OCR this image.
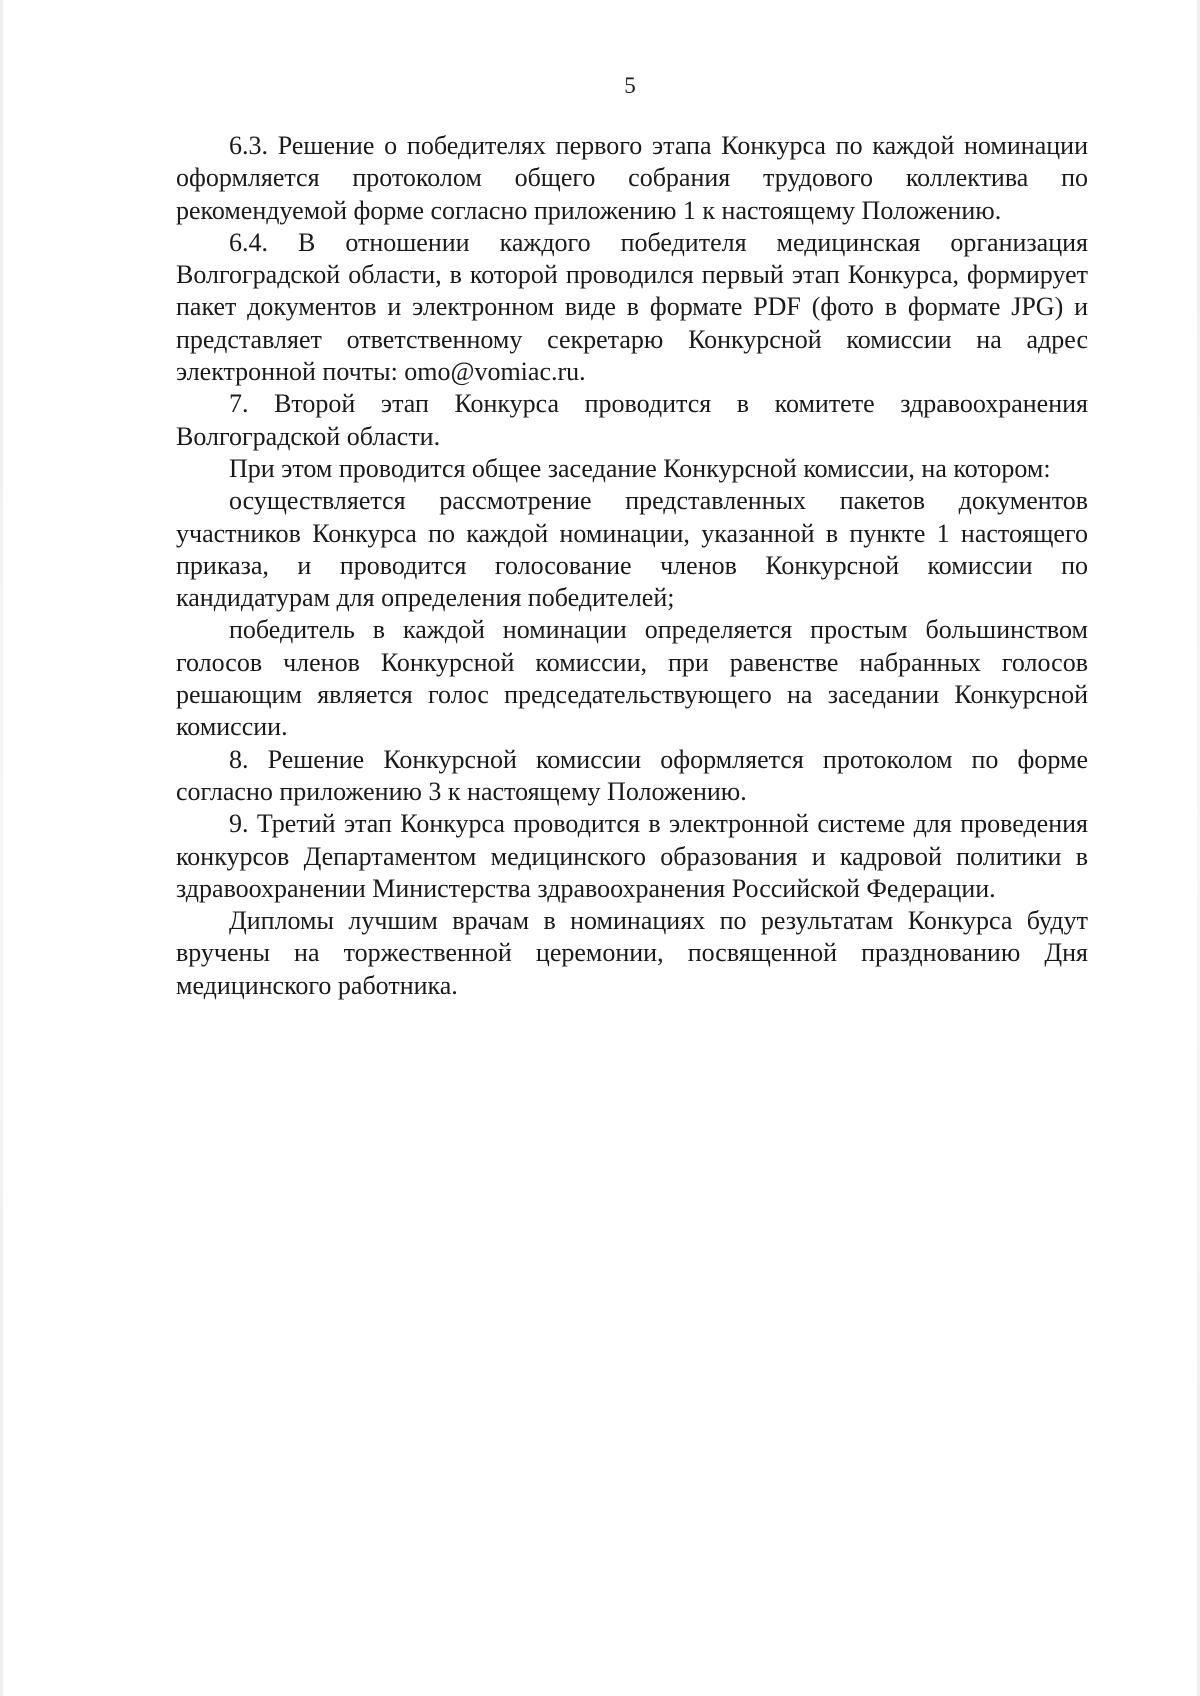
5

6.3. Решение о победителях первого этапа Конкурса по каждой номинации оформляется протоколом общего собрания трудового коллектива по рекомендуемой форме согласно приложению 1 к настоящему Положению.

6.4. В отношении каждого победителя медицинская организация Волгоградской области, в которой проводился первый этап Конкурса, формирует пакет документов и электронном виде в формате PDF (фото в формате JPG) и представляет ответственному секретарю Конкурсной комиссии на адрес электронной почты: omo@vomiac.ru.

7. Второй этап Конкурса проводится в комитете здравоохранения Волгоградской области.

При этом проводится общее заседание Конкурсной комиссии, на котором:

осуществляется рассмотрение представленных пакетов документов участников Конкурса по каждой номинации, указанной в пункте 1 настоящего приказа, и проводится голосование членов Конкурсной комиссии по кандидатурам для определения победителей;

победитель в каждой номинации определяется простым большинством голосов членов Конкурсной комиссии, при равенстве набранных голосов решающим является голос председательствующего на заседании Конкурсной комиссии.

8. Решение Конкурсной комиссии оформляется протоколом по форме согласно приложению 3 к настоящему Положению.

9. Третий этап Конкурса проводится в электронной системе для проведения конкурсов Департаментом медицинского образования и кадровой политики в здравоохранении Министерства здравоохранения Российской Федерации.

Дипломы лучшим врачам в номинациях по результатам Конкурса будут вручены на торжественной церемонии, посвященной празднованию Дня медицинского работника.
